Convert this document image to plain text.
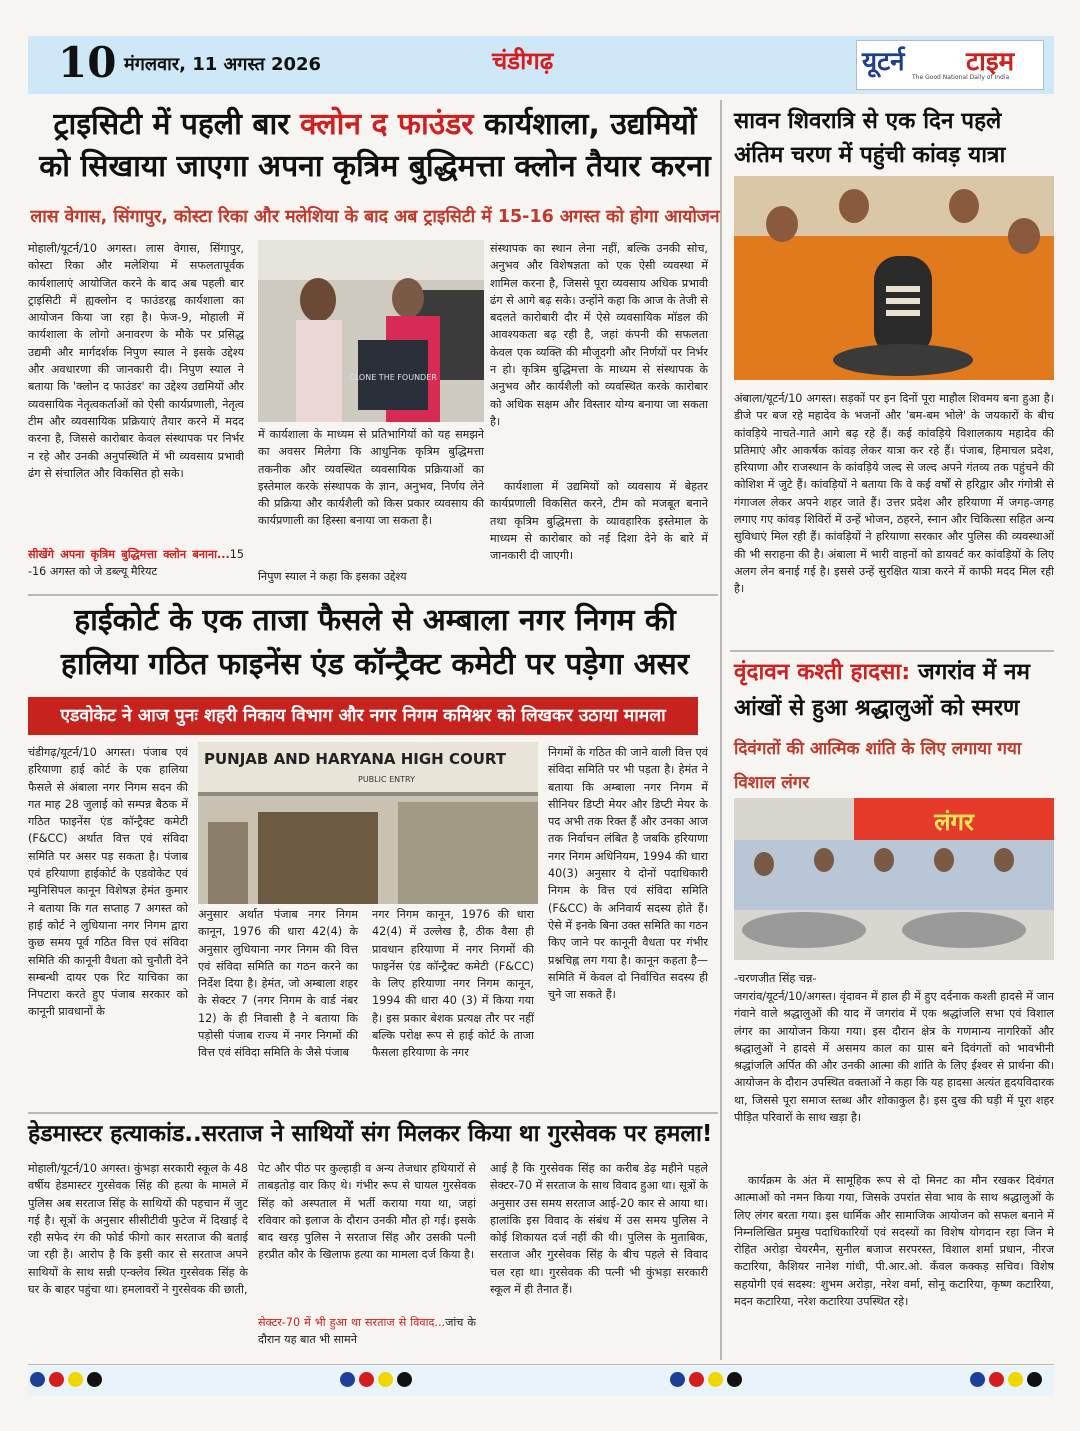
10 मंगलवार, 11 अगस्त 2026	चंडीगढ़	यूटर्न टाइम
The Good National Daily of India
ट्राइसिटी में पहली बार क्लोन द फाउंडर कार्यशाला, उद्यमियों
को सिखाया जाएगा अपना कृत्रिम बुद्धिमत्ता क्लोन तैयार करना
लास वेगास, सिंगापुर, कोस्टा रिका और मलेशिया के बाद अब ट्राइसिटी में 15-16 अगस्त को होगा आयोजन
मोहाली/यूटर्न/10 अगस्त। लास वेगास, सिंगापुर, कोस्टा रिका और मलेशिया में सफलतापूर्वक कार्यशालाएं आयोजित करने के बाद अब पहली बार ट्राइसिटी में ह्यक्लोन द फाउंडरह्व कार्यशाला का आयोजन किया जा रहा है। फेज-9, मोहाली में कार्यशाला के लोगो अनावरण के मौके पर प्रसिद्ध उद्यमी और मार्गदर्शक निपुण स्याल ने इसके उद्देश्य और अवधारणा की जानकारी दी। निपुण स्याल ने बताया कि 'क्लोन द फाउंडर' का उद्देश्य उद्यमियों और व्यवसायिक नेतृत्वकर्ताओं को ऐसी कार्यप्रणाली, नेतृत्व टीम और व्यवसायिक प्रक्रियाएं तैयार करने में मदद करना है, जिससे कारोबार केवल संस्थापक पर निर्भर न रहे और उनकी अनुपस्थिति में भी व्यवसाय प्रभावी ढंग से संचालित और विकसित हो सके।
सीखेंगे अपना कृत्रिम बुद्धिमत्ता क्लोन बनाना...15 -16 अगस्त को जे डब्ल्यू मैरियट
CLONE THE FOUNDER
में कार्यशाला के माध्यम से प्रतिभागियों को यह समझने का अवसर मिलेगा कि आधुनिक कृत्रिम बुद्धिमत्ता तकनीक और व्यवस्थित व्यवसायिक प्रक्रियाओं का इस्तेमाल करके संस्थापक के ज्ञान, अनुभव, निर्णय लेने की प्रक्रिया और कार्यशैली को किस प्रकार व्यवसाय की कार्यप्रणाली का हिस्सा बनाया जा सकता है।
निपुण स्याल ने कहा कि इसका उद्देश्य
संस्थापक का स्थान लेना नहीं, बल्कि उनकी सोच, अनुभव और विशेषज्ञता को एक ऐसी व्यवस्था में शामिल करना है, जिससे पूरा व्यवसाय अधिक प्रभावी ढंग से आगे बढ़ सके। उन्होंने कहा कि आज के तेजी से बदलते कारोबारी दौर में ऐसे व्यवसायिक मॉडल की आवश्यकता बढ़ रही है, जहां कंपनी की सफलता केवल एक व्यक्ति की मौजूदगी और निर्णयों पर निर्भर न हो। कृत्रिम बुद्धिमत्ता के माध्यम से संस्थापक के अनुभव और कार्यशैली को व्यवस्थित करके कारोबार को अधिक सक्षम और विस्तार योग्य बनाया जा सकता है।
कार्यशाला में उद्यमियों को व्यवसाय में बेहतर कार्यप्रणाली विकसित करने, टीम को मजबूत बनाने तथा कृत्रिम बुद्धिमत्ता के व्यावहारिक इस्तेमाल के माध्यम से कारोबार को नई दिशा देने के बारे में जानकारी दी जाएगी।
हाईकोर्ट के एक ताजा फैसले से अम्बाला नगर निगम की
हालिया गठित फाइनेंस एंड कॉन्ट्रैक्ट कमेटी पर पड़ेगा असर
एडवोकेट ने आज पुनः शहरी निकाय विभाग और नगर निगम कमिश्नर को लिखकर उठाया मामला
चंडीगढ़/यूटर्न/10 अगस्त। पंजाब एवं हरियाणा हाई कोर्ट के एक हालिया फैसले से अंबाला नगर निगम सदन की गत माह 28 जुलाई को सम्पन्न बैठक में गठित फाइनेंस एंड कॉन्ट्रैक्ट कमेटी (F&CC) अर्थात वित्त एवं संविदा समिति पर असर पड़ सकता है। पंजाब एवं हरियाणा हाईकोर्ट के एडवोकेट एवं म्युनिसिपल कानून विशेषज्ञ हेमंत कुमार ने बताया कि गत सप्ताह 7 अगस्त को हाई कोर्ट ने लुधियाना नगर निगम द्वारा कुछ समय पूर्व गठित वित्त एवं संविदा समिति की कानूनी वैधता को चुनौती देने सम्बन्धी दायर एक रिट याचिका का निपटारा करते हुए पंजाब सरकार को कानूनी प्रावधानों के
PUNJAB AND HARYANA HIGH COURT
PUBLIC ENTRY
अनुसार अर्थात पंजाब नगर निगम कानून, 1976 की धारा 42(4) के अनुसार लुधियाना नगर निगम की वित्त एवं संविदा समिति का गठन करने का निर्देश दिया है। हेमंत, जो अम्बाला शहर के सेक्टर 7 (नगर निगम के वार्ड नंबर 12) के ही निवासी है ने बताया कि पड़ोसी पंजाब राज्य में नगर निगमों की वित्त एवं संविदा समिति के जैसे पंजाब
नगर निगम कानून, 1976 की धारा 42(4) में उल्लेख है, ठीक वैसा ही प्रावधान हरियाणा में नगर निगमों की फाइनेंस एंड कॉन्ट्रैक्ट कमेटी (F&CC) के लिए हरियाणा नगर निगम कानून, 1994 की धारा 40 (3) में किया गया है। इस प्रकार बेशक प्रत्यक्ष तौर पर नहीं बल्कि परोक्ष रूप से हाई कोर्ट के ताजा फैसला हरियाणा के नगर
निगमों के गठित की जाने वाली वित्त एवं संविदा समिति पर भी पड़ता है। हेमंत ने बताया कि अम्बाला नगर निगम में सीनियर डिप्टी मेयर और डिप्टी मेयर के पद अभी तक रिक्त हैं और उनका आज तक निर्वाचन लंबित है जबकि हरियाणा नगर निगम अधिनियम, 1994 की धारा 40(3) अनुसार ये दोनों पदाधिकारी निगम के वित्त एवं संविदा समिति (F&CC) के अनिवार्य सदस्य होते हैं। ऐसे में इनके बिना उक्त समिति का गठन किए जाने पर कानूनी वैधता पर गंभीर प्रश्नचिह्न लग गया है। कानून कहता है— समिति में केवल दो निर्वाचित सदस्य ही चुने जा सकते हैं।
हेडमास्टर हत्याकांड..सरताज ने साथियों संग मिलकर किया था गुरसेवक पर हमला!
मोहाली/यूटर्न/10 अगस्त। कुंभड़ा सरकारी स्कूल के 48 वर्षीय हेडमास्टर गुरसेवक सिंह की हत्या के मामले में पुलिस अब सरताज सिंह के साथियों की पहचान में जुट गई है। सूत्रों के अनुसार सीसीटीवी फुटेज में दिखाई दे रही सफेद रंग की फोर्ड फीगो कार सरताज की बताई जा रही है। आरोप है कि इसी कार से सरताज अपने साथियों के साथ सन्नी एन्क्लेव स्थित गुरसेवक सिंह के घर के बाहर पहुंचा था। हमलावरों ने गुरसेवक की छाती,
पेट और पीठ पर कुल्हाड़ी व अन्य तेजधार हथियारों से ताबड़तोड़ वार किए थे। गंभीर रूप से घायल गुरसेवक सिंह को अस्पताल में भर्ती कराया गया था, जहां रविवार को इलाज के दौरान उनकी मौत हो गई। इसके बाद खरड़ पुलिस ने सरताज सिंह और उसकी पत्नी हरप्रीत कौर के खिलाफ हत्या का मामला दर्ज किया है।
सेक्टर-70 में भी हुआ था सरताज से विवाद...जांच के दौरान यह बात भी सामने
आई है कि गुरसेवक सिंह का करीब डेढ़ महीने पहले सेक्टर-70 में सरताज के साथ विवाद हुआ था। सूत्रों के अनुसार उस समय सरताज आई-20 कार से आया था। हालांकि इस विवाद के संबंध में उस समय पुलिस ने कोई शिकायत दर्ज नहीं की थी। पुलिस के मुताबिक, सरताज और गुरसेवक सिंह के बीच पहले से विवाद चल रहा था। गुरसेवक की पत्नी भी कुंभड़ा सरकारी स्कूल में ही तैनात हैं।
सावन शिवरात्रि से एक दिन पहले अंतिम चरण में पहुंची कांवड़ यात्रा
अंबाला/यूटर्न/10 अगस्त। सड़कों पर इन दिनों पूरा माहौल शिवमय बना हुआ है। डीजे पर बज रहे महादेव के भजनों और 'बम-बम भोले' के जयकारों के बीच कांवड़िये नाचते-गाते आगे बढ़ रहे हैं। कई कांवड़िये विशालकाय महादेव की प्रतिमाएं और आकर्षक कांवड़ लेकर यात्रा कर रहे हैं। पंजाब, हिमाचल प्रदेश, हरियाणा और राजस्थान के कांवड़िये जल्द से जल्द अपने गंतव्य तक पहुंचने की कोशिश में जुटे हैं। कांवड़ियों ने बताया कि वे कई वर्षों से हरिद्वार और गंगोत्री से गंगाजल लेकर अपने शहर जाते हैं। उत्तर प्रदेश और हरियाणा में जगह-जगह लगाए गए कांवड़ शिविरों में उन्हें भोजन, ठहरने, स्नान और चिकित्सा सहित अन्य सुविधाएं मिल रही हैं। कांवड़ियों ने हरियाणा सरकार और पुलिस की व्यवस्थाओं की भी सराहना की है। अंबाला में भारी वाहनों को डायवर्ट कर कांवड़ियों के लिए अलग लेन बनाई गई है। इससे उन्हें सुरक्षित यात्रा करने में काफी मदद मिल रही है।
वृंदावन कश्ती हादसा: जगरांव में नम आंखों से हुआ श्रद्धालुओं को स्मरण
दिवंगतों की आत्मिक शांति के लिए लगाया गया विशाल लंगर
लंगर
-चरणजीत सिंह चन्न-
जगरांव/यूटर्न/10/अगस्त। वृंदावन में हाल ही में हुए दर्दनाक कश्ती हादसे में जान गंवाने वाले श्रद्धालुओं की याद में जगरांव में एक श्रद्धांजलि सभा एवं विशाल लंगर का आयोजन किया गया। इस दौरान क्षेत्र के गणमान्य नागरिकों और श्रद्धालुओं ने हादसे में असमय काल का ग्रास बने दिवंगतों को भावभीनी श्रद्धांजलि अर्पित की और उनकी आत्मा की शांति के लिए ईश्वर से प्रार्थना की। आयोजन के दौरान उपस्थित वक्ताओं ने कहा कि यह हादसा अत्यंत हृदयविदारक था, जिससे पूरा समाज स्तब्ध और शोकाकुल है। इस दुख की घड़ी में पूरा शहर पीड़ित परिवारों के साथ खड़ा है।
कार्यक्रम के अंत में सामूहिक रूप से दो मिनट का मौन रखकर दिवंगत आत्माओं को नमन किया गया, जिसके उपरांत सेवा भाव के साथ श्रद्धालुओं के लिए लंगर बरता गया। इस धार्मिक और सामाजिक आयोजन को सफल बनाने में निम्नलिखित प्रमुख पदाधिकारियों एवं सदस्यों का विशेष योगदान रहा जिन मे रोहित अरोड़ा चेयरमैन, सुनील बजाज सरपरस्त, विशाल शर्मा प्रधान, नीरज कटारिया, कैशियर नानेश गांधी, पी.आर.ओ. कँवल कक्कड़ सचिव। विशेष सहयोगी एवं सदस्य: शुभम अरोड़ा, नरेश वर्मा, सोनू कटारिया, कृष्ण कटारिया, मदन कटारिया, नरेश कटारिया उपस्थित रहे।
